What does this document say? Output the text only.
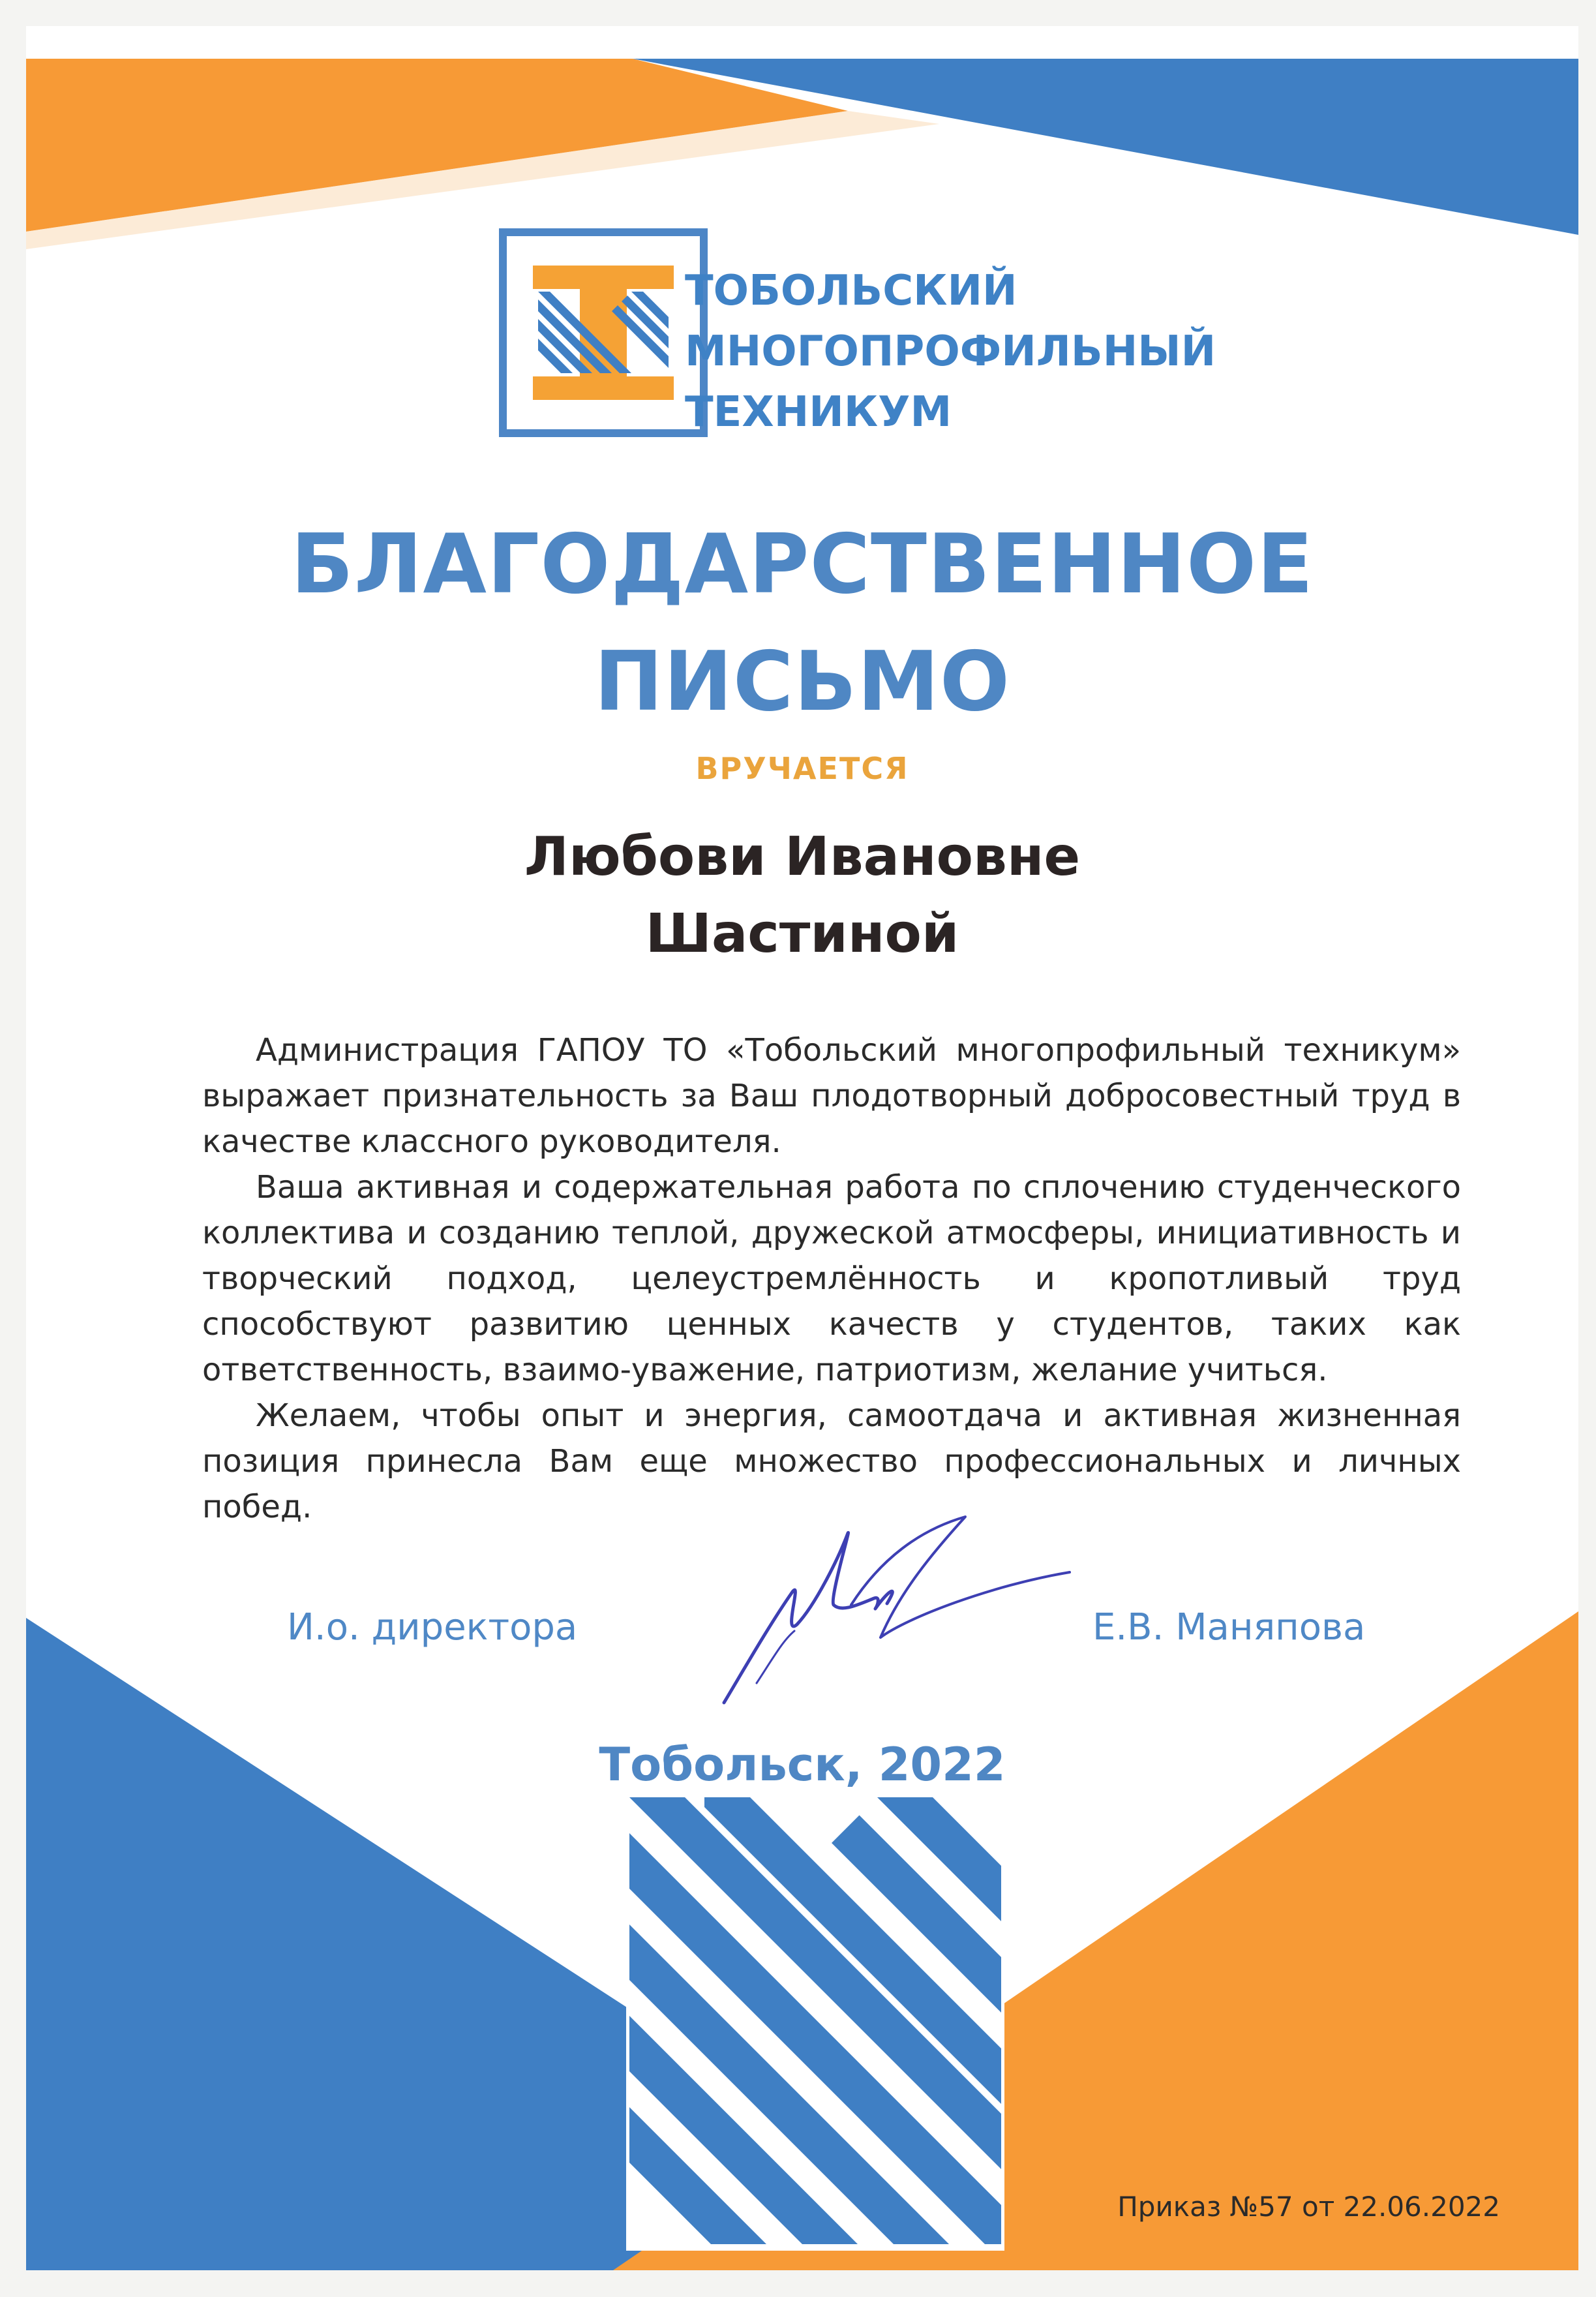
ТОБОЛЬСКИЙ
МНОГОПРОФИЛЬНЫЙ
ТЕХНИКУМ

БЛАГОДАРСТВЕННОЕ
ПИСЬМО
ВРУЧАЕТСЯ
Любови Ивановне
Шастиной

Администрация ГАПОУ ТО «Тобольский многопрофильный техникум» выражает признательность за Ваш плодотворный добросовестный труд в качестве классного руководителя.

Ваша активная и содержательная работа по сплочению студенческого коллектива и созданию теплой, дружеской атмосферы, инициативность и творческий подход, целеустремлённость и кропотливый труд способствуют развитию ценных качеств у студентов, таких как ответственность, взаимо-уважение, патриотизм, желание учиться.

Желаем, чтобы опыт и энергия, самоотдача и активная жизненная позиция принесла Вам еще множество профессиональных и личных побед.

И.о. директора	Е.В. Маняпова
Тобольск, 2022
Приказ №57 от 22.06.2022
